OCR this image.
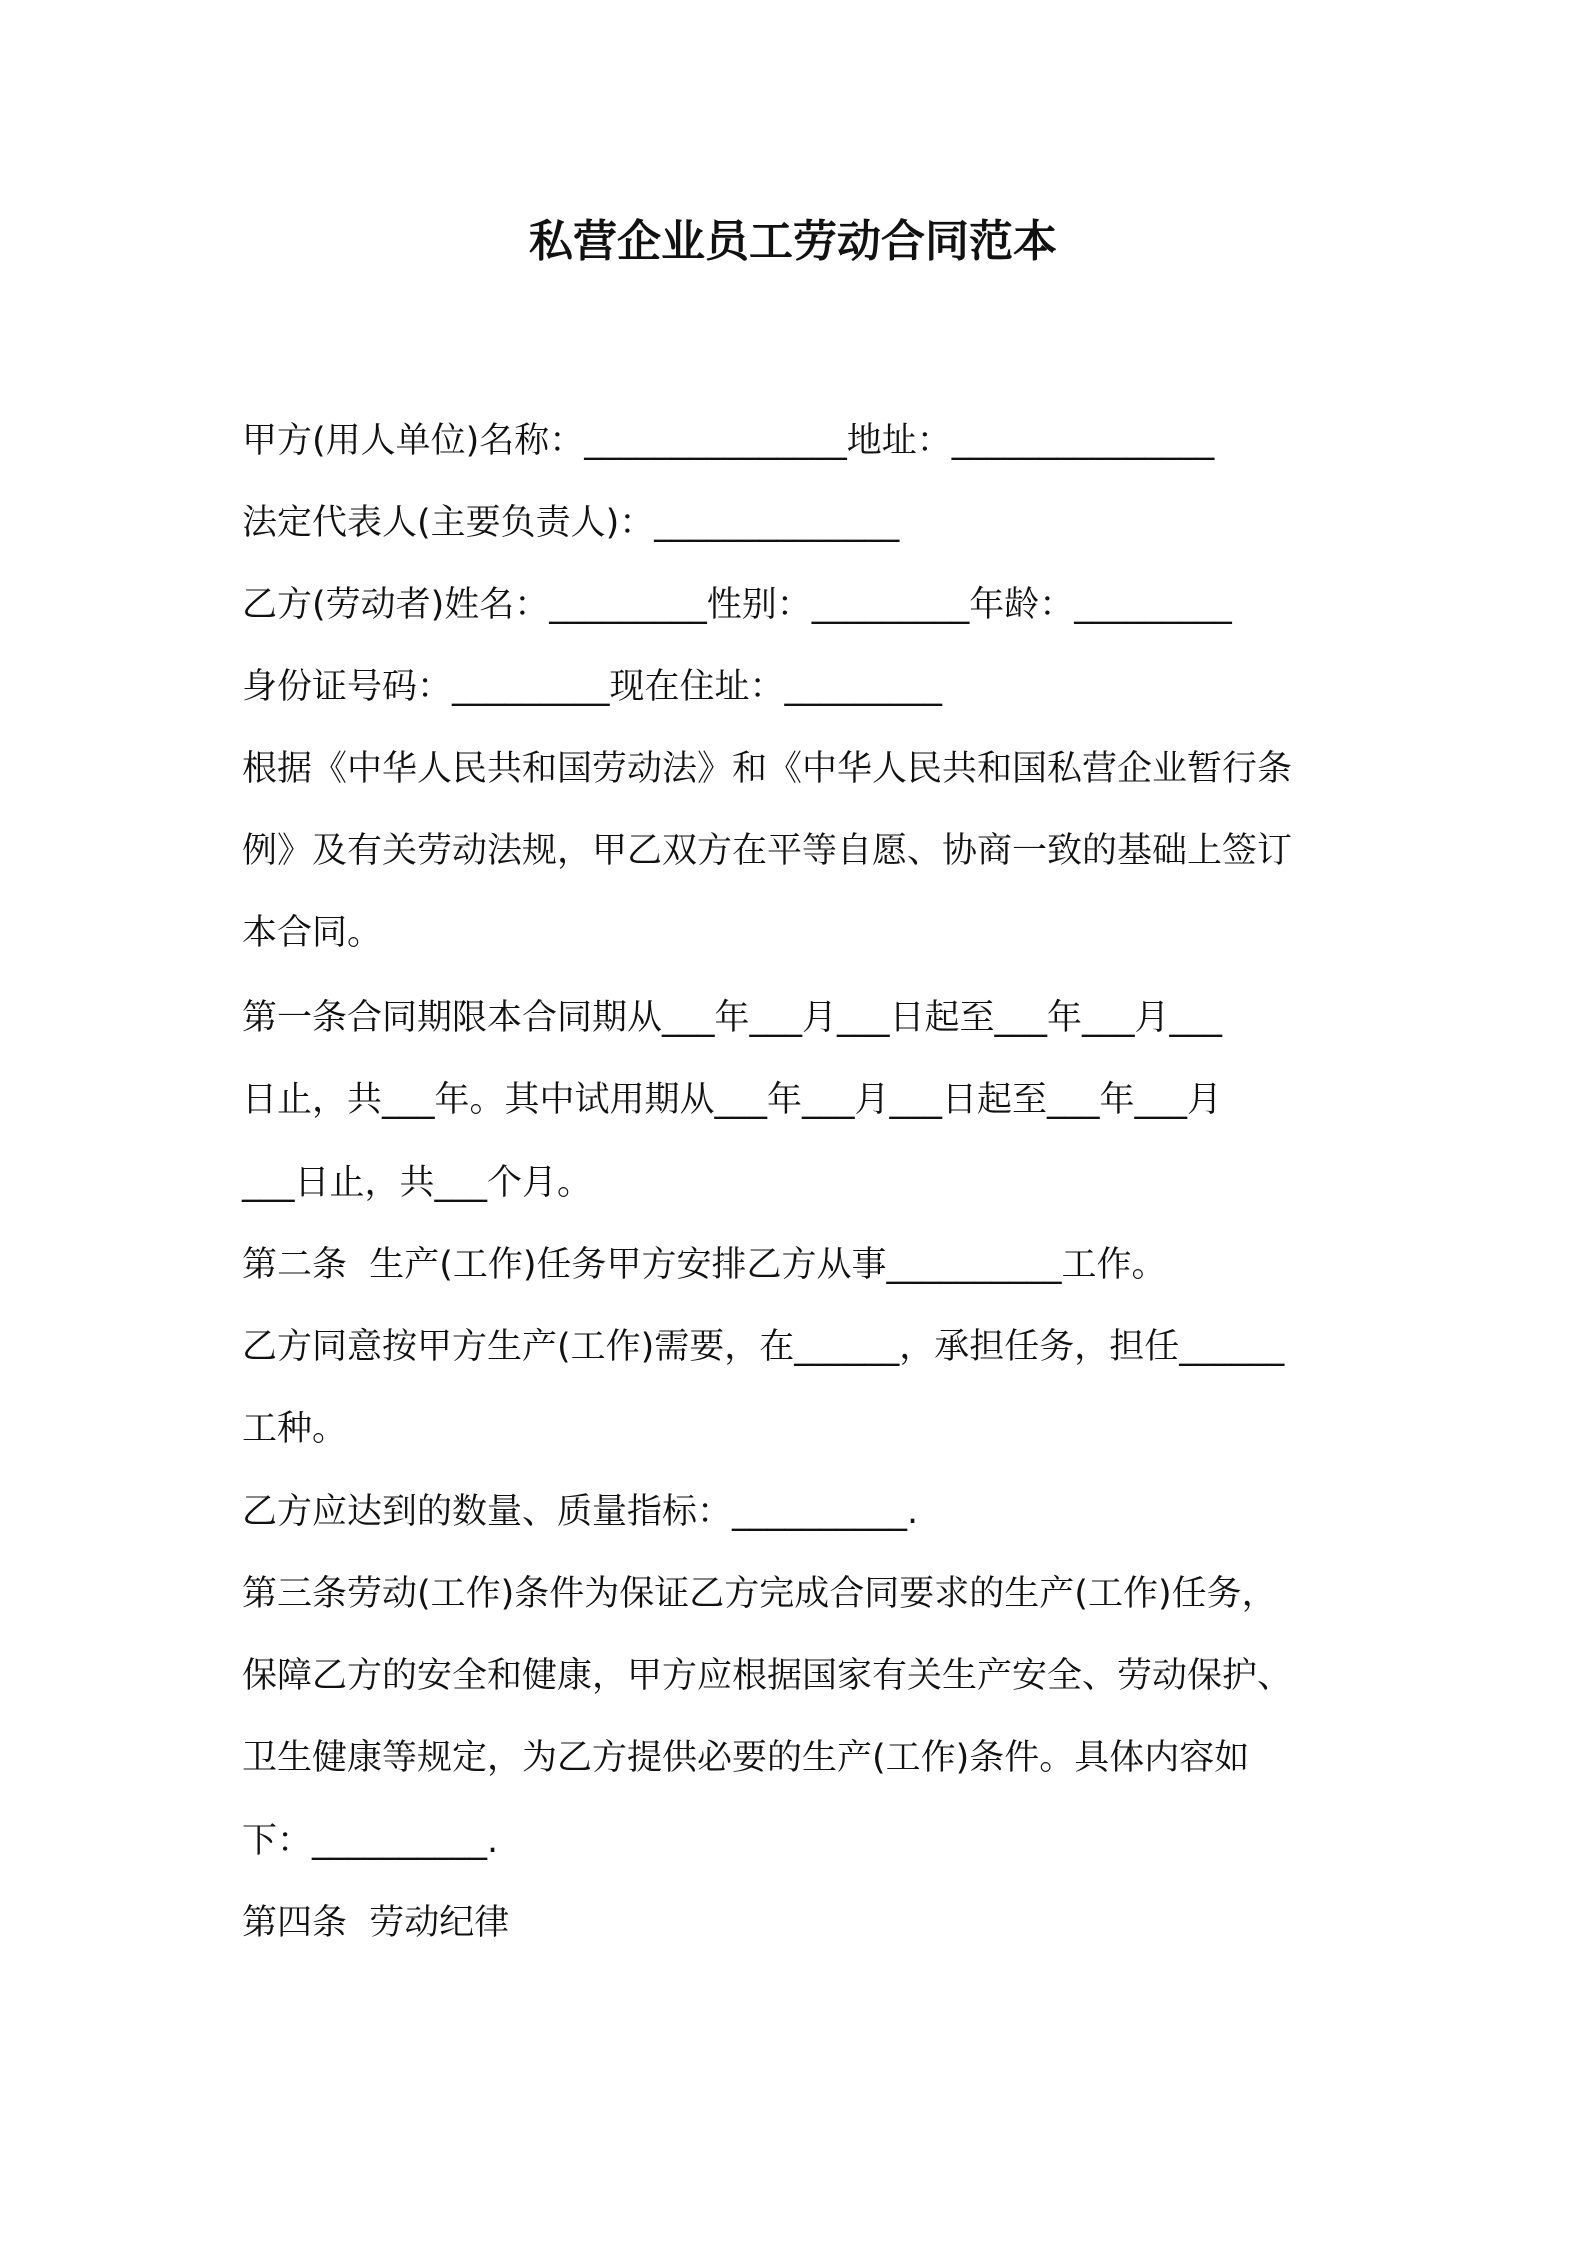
私营企业员工劳动合同范本
甲方(用人单位)名称：_______________地址：_______________
法定代表人(主要负责人)：______________
乙方(劳动者)姓名：_________性别：_________年龄：_________
身份证号码：_________现在住址：_________
根据《中华人民共和国劳动法》和《中华人民共和国私营企业暂行条
例》及有关劳动法规，甲乙双方在平等自愿、协商一致的基础上签订
本合同。
第一条合同期限本合同期从___年___月___日起至___年___月___
日止，共___年。其中试用期从___年___月___日起至___年___月
___日止，共___个月。
第二条  生产(工作)任务甲方安排乙方从事__________工作。
乙方同意按甲方生产(工作)需要，在______，承担任务，担任______
工种。
乙方应达到的数量、质量指标：__________.
第三条劳动(工作)条件为保证乙方完成合同要求的生产(工作)任务，
保障乙方的安全和健康，甲方应根据国家有关生产安全、劳动保护、
卫生健康等规定，为乙方提供必要的生产(工作)条件。具体内容如
下：__________.
第四条  劳动纪律
